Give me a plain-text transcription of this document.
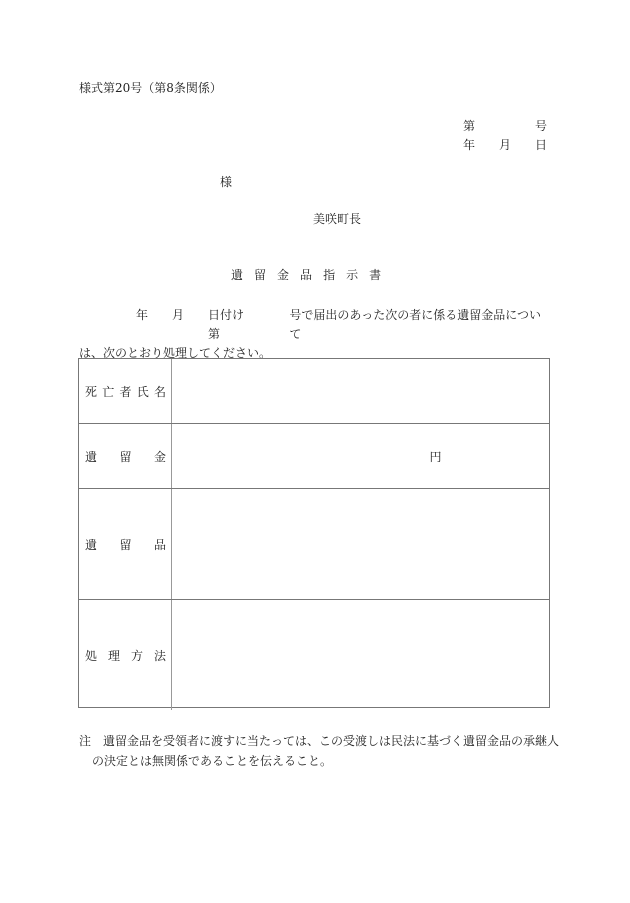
様式第20号（第8条関係）
第	号
年 月 日
様
美咲町長
遺留金品指示書
年 月 日付け第
号で届出のあった次の者に係る遺留金品について
は、次のとおり処理してください。
死 亡 者 氏 名
遺 留 金	円
遺 留 品
処 理 方 法
注　遺留金品を受領者に渡すに当たっては、この受渡しは民法に基づく遺留金品の承継人
の決定とは無関係であることを伝えること。
